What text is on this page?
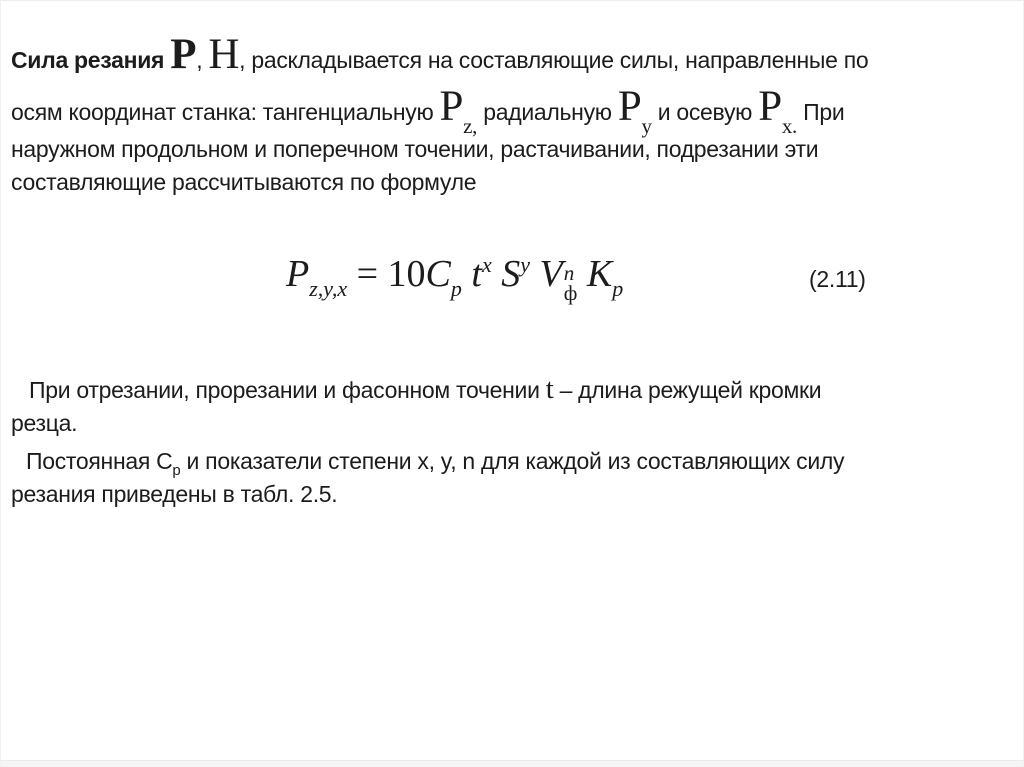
Сила резания P, H, раскладывается на составляющие силы, направленные по
осям координат станка: тангенциальную Pz, радиальную Py и осевую Px. При
наружном продольном и поперечном точении, растачивании, подрезании эти
составляющие рассчитываются по формуле

$P_{z,y,x} = 10C_p$ $t^x$ $S^y$ V n
ф $K_p$	(2.11)

При отрезании, прорезании и фасонном точении t – длина режущей кромки
резца.

Постоянная $C_p$ и показатели степени x, y, n для каждой из составляющих силу
резания приведены в табл. 2.5.
